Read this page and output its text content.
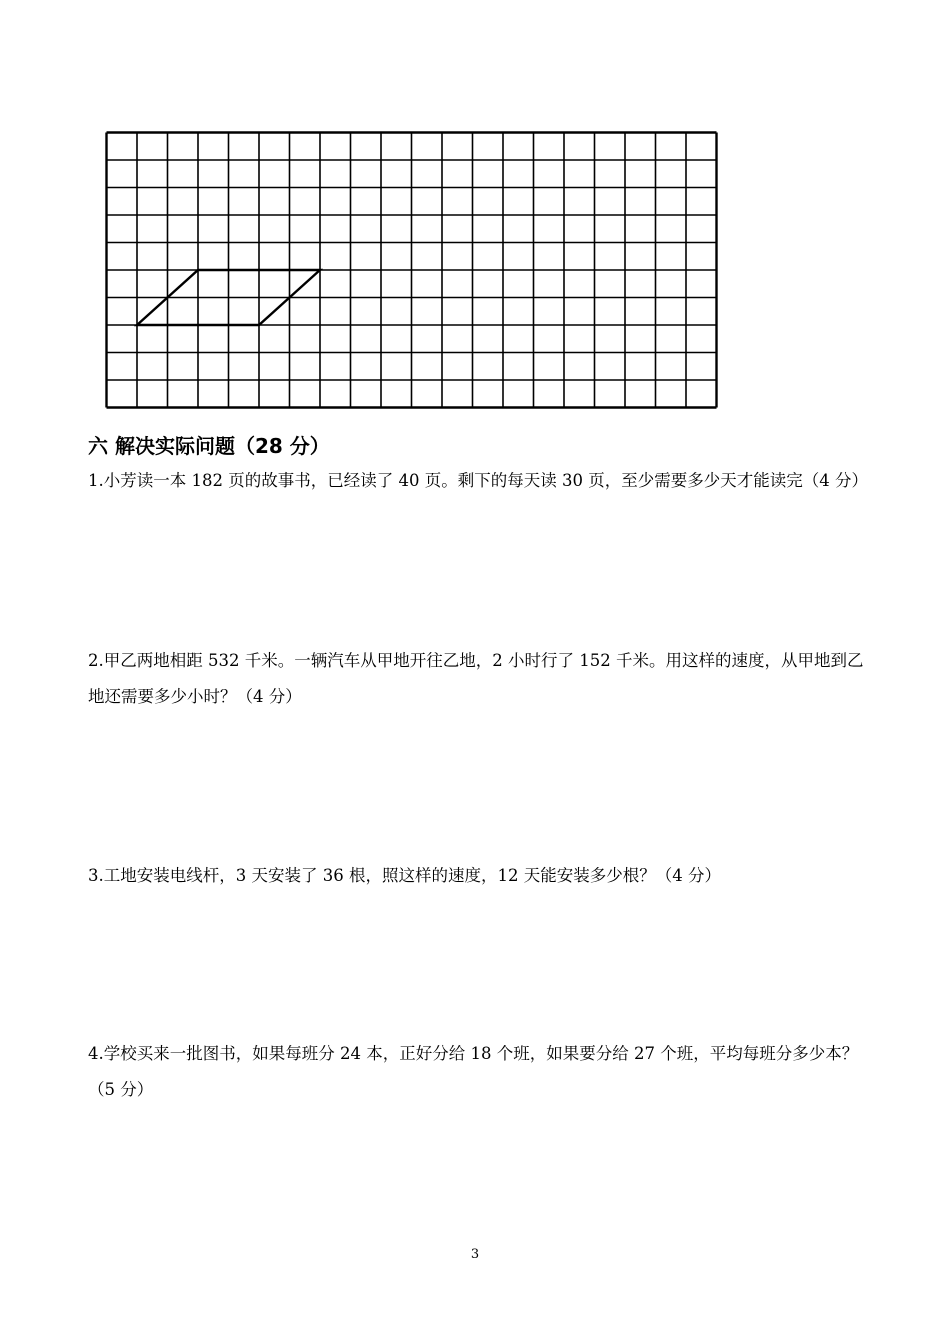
六 解决实际问题（28 分）

1.小芳读一本 182 页的故事书，已经读了 40 页。剩下的每天读 30 页，至少需要多少天才能读完（4 分）

2.甲乙两地相距 532 千米。一辆汽车从甲地开往乙地，2 小时行了 152 千米。用这样的速度，从甲地到乙地还需要多少小时？（4 分）

3.工地安装电线杆，3 天安装了 36 根，照这样的速度，12 天能安装多少根？（4 分）

4.学校买来一批图书，如果每班分 24 本，正好分给 18 个班，如果要分给 27 个班，平均每班分多少本？（5 分）

3
